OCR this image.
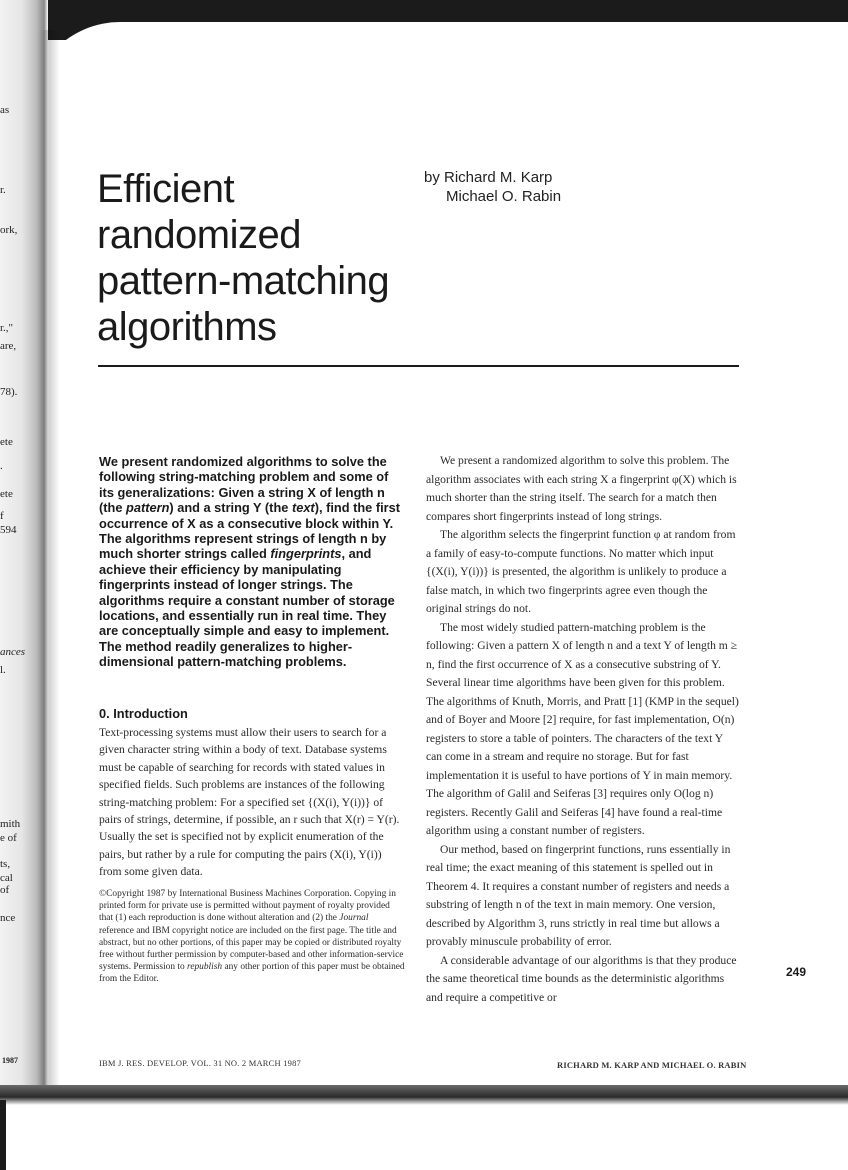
as
r.
ork,
r.,"
are,
78).
ete
.
ete
f
594
ances
l.
mith
e of
ts,
cal
of
nce
1987
Efficient
randomized
pattern-matching
algorithms
by Richard M. Karp
Michael O. Rabin
We present randomized algorithms to solve the following string-matching problem and some of its generalizations: Given a string X of length n (the pattern) and a string Y (the text), find the first occurrence of X as a consecutive block within Y. The algorithms represent strings of length n by much shorter strings called fingerprints, and achieve their efficiency by manipulating fingerprints instead of longer strings. The algorithms require a constant number of storage locations, and essentially run in real time. They are conceptually simple and easy to implement. The method readily generalizes to higher-dimensional pattern-matching problems.
0. Introduction
Text-processing systems must allow their users to search for a given character string within a body of text. Database systems must be capable of searching for records with stated values in specified fields. Such problems are instances of the following string-matching problem: For a specified set {(X(i), Y(i))} of pairs of strings, determine, if possible, an r such that X(r) = Y(r). Usually the set is specified not by explicit enumeration of the pairs, but rather by a rule for computing the pairs (X(i), Y(i)) from some given data.
©Copyright 1987 by International Business Machines Corporation. Copying in printed form for private use is permitted without payment of royalty provided that (1) each reproduction is done without alteration and (2) the Journal reference and IBM copyright notice are included on the first page. The title and abstract, but no other portions, of this paper may be copied or distributed royalty free without further permission by computer-based and other information-service systems. Permission to republish any other portion of this paper must be obtained from the Editor.

We present a randomized algorithm to solve this problem. The algorithm associates with each string X a fingerprint φ(X) which is much shorter than the string itself. The search for a match then compares short fingerprints instead of long strings.

The algorithm selects the fingerprint function φ at random from a family of easy-to-compute functions. No matter which input {(X(i), Y(i))} is presented, the algorithm is unlikely to produce a false match, in which two fingerprints agree even though the original strings do not.

The most widely studied pattern-matching problem is the following: Given a pattern X of length n and a text Y of length m ≥ n, find the first occurrence of X as a consecutive substring of Y. Several linear time algorithms have been given for this problem. The algorithms of Knuth, Morris, and Pratt [1] (KMP in the sequel) and of Boyer and Moore [2] require, for fast implementation, O(n) registers to store a table of pointers. The characters of the text Y can come in a stream and require no storage. But for fast implementation it is useful to have portions of Y in main memory. The algorithm of Galil and Seiferas [3] requires only O(log n) registers. Recently Galil and Seiferas [4] have found a real-time algorithm using a constant number of registers.

Our method, based on fingerprint functions, runs essentially in real time; the exact meaning of this statement is spelled out in Theorem 4. It requires a constant number of registers and needs a substring of length n of the text in main memory. One version, described by Algorithm 3, runs strictly in real time but allows a provably minuscule probability of error.

A considerable advantage of our algorithms is that they produce the same theoretical time bounds as the deterministic algorithms and require a competitive or

249
IBM J. RES. DEVELOP. VOL. 31 NO. 2 MARCH 1987	RICHARD M. KARP AND MICHAEL O. RABIN
